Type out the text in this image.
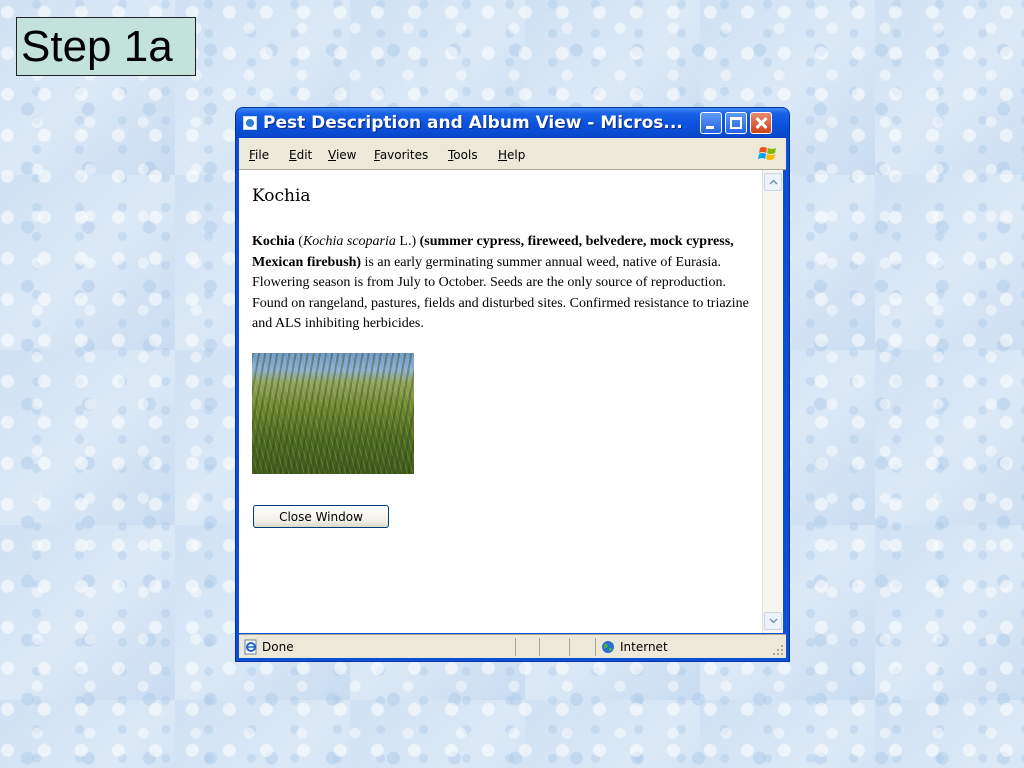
Step 1a
Pest Description and Album View - Micros...
File Edit View Favorites Tools Help
Kochia

Kochia (Kochia scoparia L.) (summer cypress, fireweed, belvedere, mock cypress, Mexican firebush) is an early germinating summer annual weed, native of Eurasia. Flowering season is from July to October. Seeds are the only source of reproduction. Found on rangeland, pastures, fields and disturbed sites. Confirmed resistance to triazine and ALS inhibiting herbicides.

Close Window
Done	Internet
